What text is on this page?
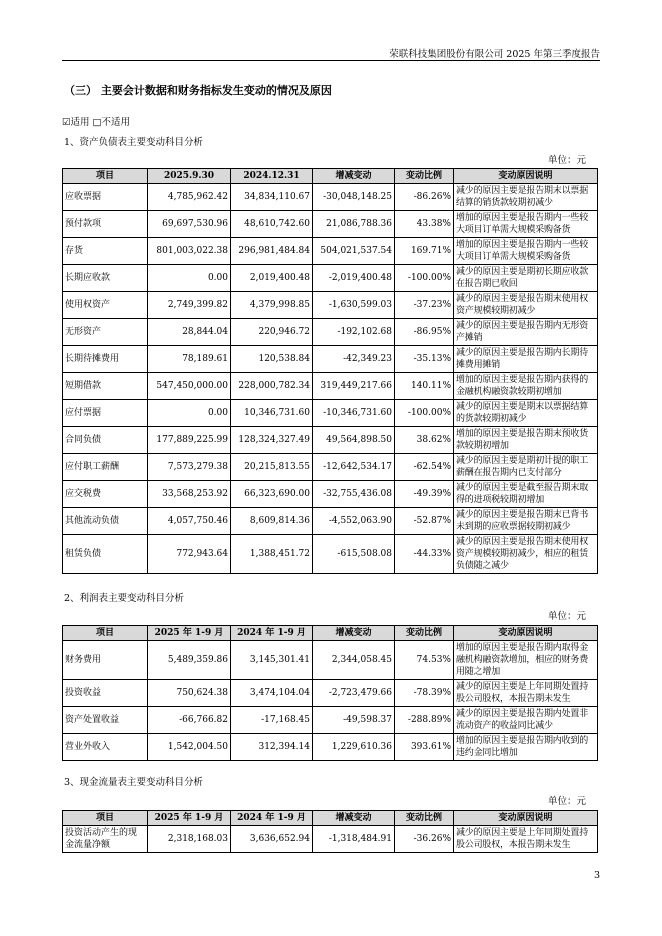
荣联科技集团股份有限公司 2025 年第三季度报告
（三） 主要会计数据和财务指标发生变动的情况及原因
☑适用 □不适用
1、资产负债表主要变动科目分析
单位：元
项目	2025.9.30	2024.12.31	增减变动	变动比例	变动原因说明
应收票据	4,785,962.42	34,834,110.67	-30,048,148.25	-86.26%	减少的原因主要是报告期末以票据结算的销货款较期初减少
预付款项	69,697,530.96	48,610,742.60	21,086,788.36	43.38%	增加的原因主要是报告期内一些较大项目订单需大规模采购备货
存货	801,003,022.38	296,981,484.84	504,021,537.54	169.71%	增加的原因主要是报告期内一些较大项目订单需大规模采购备货
长期应收款	0.00	2,019,400.48	-2,019,400.48	-100.00%	减少的原因主要是期初长期应收款在报告期已收回
使用权资产	2,749,399.82	4,379,998.85	-1,630,599.03	-37.23%	减少的原因主要是报告期末使用权资产规模较期初减少
无形资产	28,844.04	220,946.72	-192,102.68	-86.95%	减少的原因主要是报告期内无形资产摊销
长期待摊费用	78,189.61	120,538.84	-42,349.23	-35.13%	减少的原因主要是报告期内长期待摊费用摊销
短期借款	547,450,000.00	228,000,782.34	319,449,217.66	140.11%	增加的原因主要是报告期内获得的金融机构融资款较期初增加
应付票据	0.00	10,346,731.60	-10,346,731.60	-100.00%	减少的原因主要是期末以票据结算的货款较期初减少
合同负债	177,889,225.99	128,324,327.49	49,564,898.50	38.62%	增加的原因主要是报告期末预收货款较期初增加
应付职工薪酬	7,573,279.38	20,215,813.55	-12,642,534.17	-62.54%	减少的原因主要是期初计提的职工薪酬在报告期内已支付部分
应交税费	33,568,253.92	66,323,690.00	-32,755,436.08	-49.39%	减少的原因主要是截至报告期末取得的进项税较期初增加
其他流动负债	4,057,750.46	8,609,814.36	-4,552,063.90	-52.87%	减少的原因主要是报告期末已背书未到期的应收票据较期初减少
租赁负债	772,943.64	1,388,451.72	-615,508.08	-44.33%	减少的原因主要是报告期末使用权资产规模较期初减少，相应的租赁负债随之减少
2、利润表主要变动科目分析
单位：元
项目	2025 年 1-9 月	2024 年 1-9 月	增减变动	变动比例	变动原因说明
财务费用	5,489,359.86	3,145,301.41	2,344,058.45	74.53%	增加的原因主要是报告期内取得金融机构融资款增加，相应的财务费用随之增加
投资收益	750,624.38	3,474,104.04	-2,723,479.66	-78.39%	减少的原因主要是上年同期处置持股公司股权，本报告期未发生
资产处置收益	-66,766.82	-17,168.45	-49,598.37	-288.89%	减少的原因主要是报告期内处置非流动资产的收益同比减少
营业外收入	1,542,004.50	312,394.14	1,229,610.36	393.61%	增加的原因主要是报告期内收到的违约金同比增加
3、现金流量表主要变动科目分析
单位：元
项目	2025 年 1-9 月	2024 年 1-9 月	增减变动	变动比例	变动原因说明
投资活动产生的现金流量净额	2,318,168.03	3,636,652.94	-1,318,484.91	-36.26%	减少的原因主要是上年同期处置持股公司股权，本报告期未发生
3
